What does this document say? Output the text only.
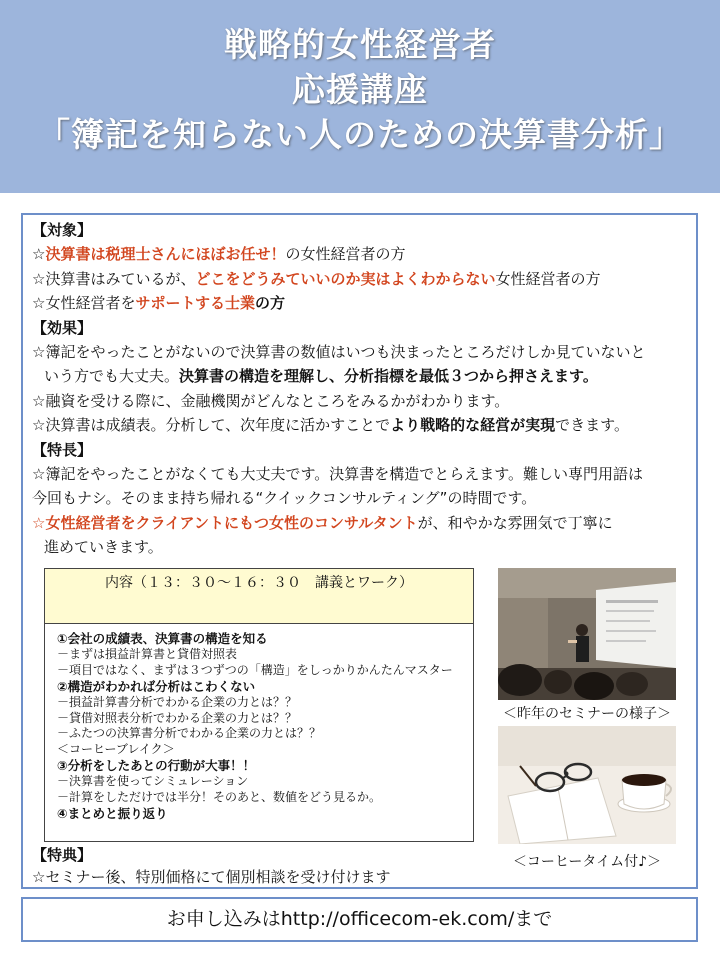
戦略的女性経営者
応援講座
「簿記を知らない人のための決算書分析」
【対象】
☆決算書は税理士さんにほぼお任せ！の女性経営者の方
☆決算書はみているが、どこをどうみていいのか実はよくわからない女性経営者の方
☆女性経営者をサポートする士業の方
【効果】
☆簿記をやったことがないので決算書の数値はいつも決まったところだけしか見ていないと
いう方でも大丈夫。決算書の構造を理解し、分析指標を最低３つから押さえます。
☆融資を受ける際に、金融機関がどんなところをみるかがわかります。
☆決算書は成績表。分析して、次年度に活かすことでより戦略的な経営が実現できます。
【特長】
☆簿記をやったことがなくても大丈夫です。決算書を構造でとらえます。難しい専門用語は
今回もナシ。そのまま持ち帰れる“クイックコンサルティング”の時間です。
☆女性経営者をクライアントにもつ女性のコンサルタントが、和やかな雰囲気で丁寧に
進めていきます。
内容（１３：３０〜１６：３０　講義とワーク）
①会社の成績表、決算書の構造を知る
－まずは損益計算書と貸借対照表
－項目ではなく、まずは３つずつの「構造」をしっかりかんたんマスター
②構造がわかれば分析はこわくない
－損益計算書分析でわかる企業の力とは？？
－貸借対照表分析でわかる企業の力とは？？
－ふたつの決算書分析でわかる企業の力とは？？
＜コーヒーブレイク＞
③分析をしたあとの行動が大事！！
－決算書を使ってシミュレーション
－計算をしただけでは半分！そのあと、数値をどう見るか。
④まとめと振り返り
【特典】
☆セミナー後、特別価格にて個別相談を受け付けます
＜昨年のセミナーの様子＞
＜コーヒータイム付♪＞
お申し込みはhttp://officecom-ek.com/まで
